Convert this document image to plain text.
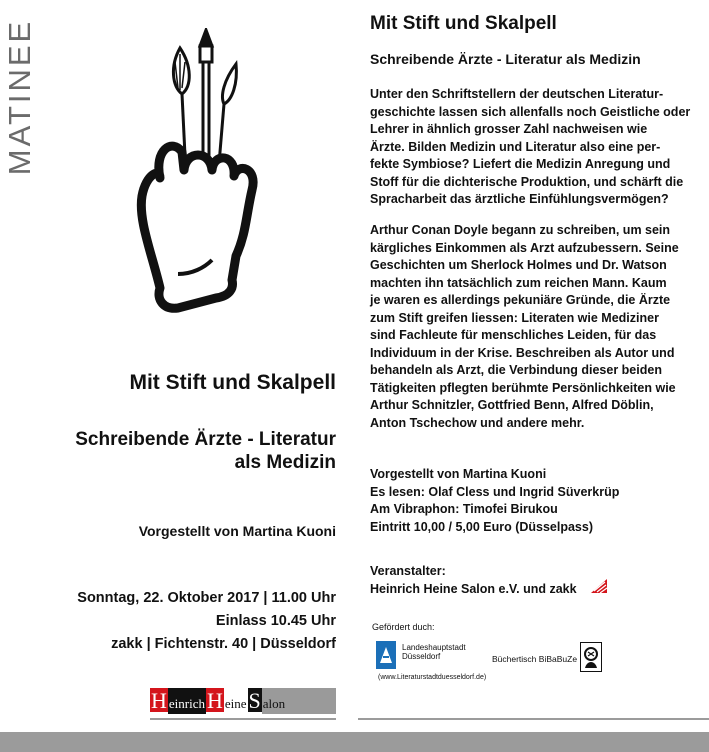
MATINEE
Mit Stift und Skalpell
Schreibende Ärzte - Literatur
als Medizin
Vorgestellt von Martina Kuoni
Sonntag, 22. Oktober 2017 | 11.00 Uhr
Einlass 10.45 Uhr
zakk | Fichtenstr. 40 | Düsseldorf
H einrich H eine S alon
Mit Stift und Skalpell
Schreibende Ärzte - Literatur als Medizin
Unter den Schriftstellern der deutschen Literatur-
geschichte lassen sich allenfalls noch Geistliche oder
Lehrer in ähnlich grosser Zahl nachweisen wie
Ärzte. Bilden Medizin und Literatur also eine per-
fekte Symbiose? Liefert die Medizin Anregung und
Stoff für die dichterische Produktion, und schärft die
Spracharbeit das ärztliche Einfühlungsvermögen?
Arthur Conan Doyle begann zu schreiben, um sein
kärgliches Einkommen als Arzt aufzubessern. Seine
Geschichten um Sherlock Holmes und Dr. Watson
machten ihn tatsächlich zum reichen Mann. Kaum
je waren es allerdings pekuniäre Gründe, die Ärzte
zum Stift greifen liessen: Literaten wie Mediziner
sind Fachleute für menschliches Leiden, für das
Individuum in der Krise. Beschreiben als Autor und
behandeln als Arzt, die Verbindung dieser beiden
Tätigkeiten pflegten berühmte Persönlichkeiten wie
Arthur Schnitzler, Gottfried Benn, Alfred Döblin,
Anton Tschechow und andere mehr.
Vorgestellt von Martina Kuoni
Es lesen: Olaf Cless und Ingrid Süverkrüp
Am Vibraphon: Timofei Birukou
Eintritt 10,00 / 5,00 Euro (Düsselpass)
Veranstalter:
Heinrich Heine Salon e.V. und zakk
Gefördert duch:
Landeshauptstadt
Düsseldorf
(www.Literaturstadtduesseldorf.de)
Büchertisch BiBaBuZe
